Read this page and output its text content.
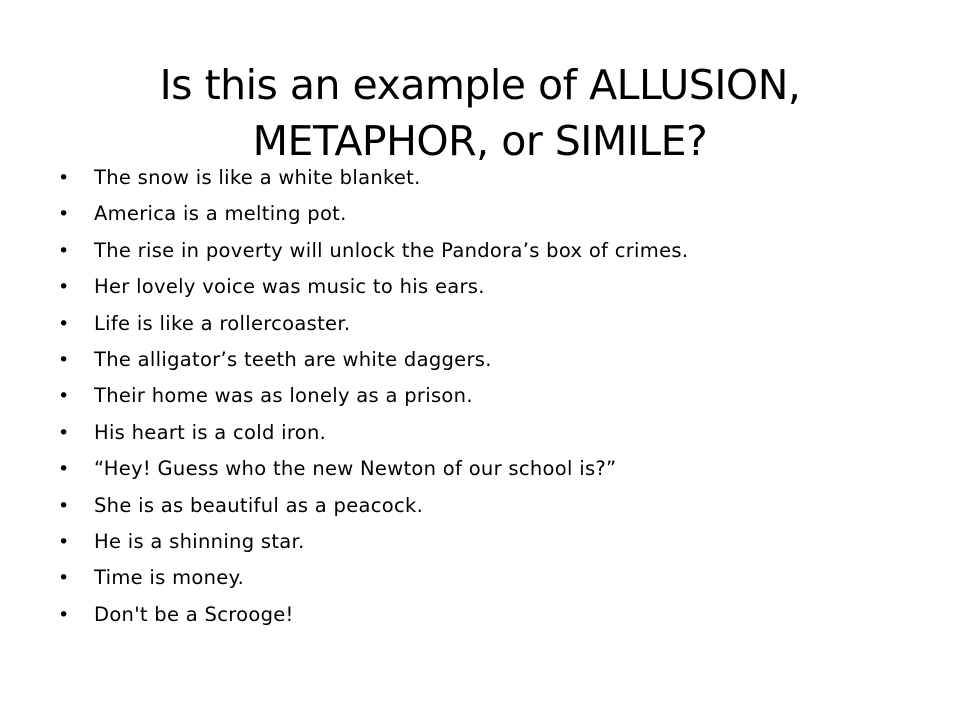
Is this an example of ALLUSION, METAPHOR, or SIMILE?
•	The snow is like a white blanket.
•	America is a melting pot.
•	The rise in poverty will unlock the Pandora’s box of crimes.
•	Her lovely voice was music to his ears.
•	Life is like a rollercoaster.
•	The alligator’s teeth are white daggers.
•	Their home was as lonely as a prison.
•	His heart is a cold iron.
•	“Hey! Guess who the new Newton of our school is?”
•	She is as beautiful as a peacock.
•	He is a shinning star.
•	Time is money.
•	Don't be a Scrooge!
